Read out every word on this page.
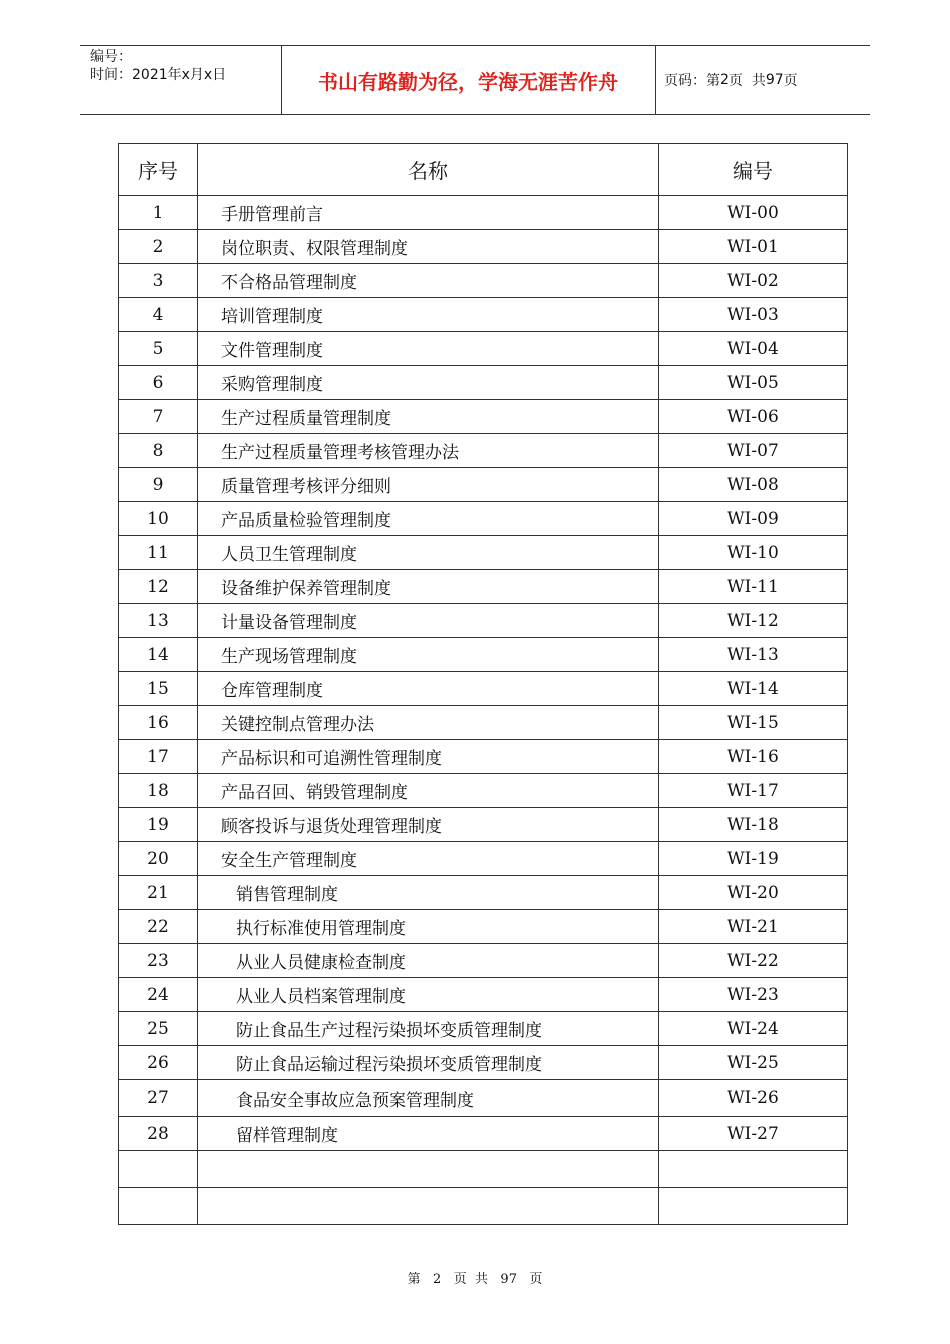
编号：
时间：2021年x月x日	书山有路勤为径，学海无涯苦作舟	页码：第 2 页  共 97 页
序号	名称	编号
1	手册管理前言	WI-00
2	岗位职责、权限管理制度	WI-01
3	不合格品管理制度	WI-02
4	培训管理制度	WI-03
5	文件管理制度	WI-04
6	采购管理制度	WI-05
7	生产过程质量管理制度	WI-06
8	生产过程质量管理考核管理办法	WI-07
9	质量管理考核评分细则	WI-08
10	产品质量检验管理制度	WI-09
11	人员卫生管理制度	WI-10
12	设备维护保养管理制度	WI-11
13	计量设备管理制度	WI-12
14	生产现场管理制度	WI-13
15	仓库管理制度	WI-14
16	关键控制点管理办法	WI-15
17	产品标识和可追溯性管理制度	WI-16
18	产品召回、销毁管理制度	WI-17
19	顾客投诉与退货处理管理制度	WI-18
20	安全生产管理制度	WI-19
21	销售管理制度	WI-20
22	执行标准使用管理制度	WI-21
23	从业人员健康检查制度	WI-22
24	从业人员档案管理制度	WI-23
25	防止食品生产过程污染损坏变质管理制度	WI-24
26	防止食品运输过程污染损坏变质管理制度	WI-25
27	食品安全事故应急预案管理制度	WI-26
28	留样管理制度	WI-27

第 2 页  共 97 页
